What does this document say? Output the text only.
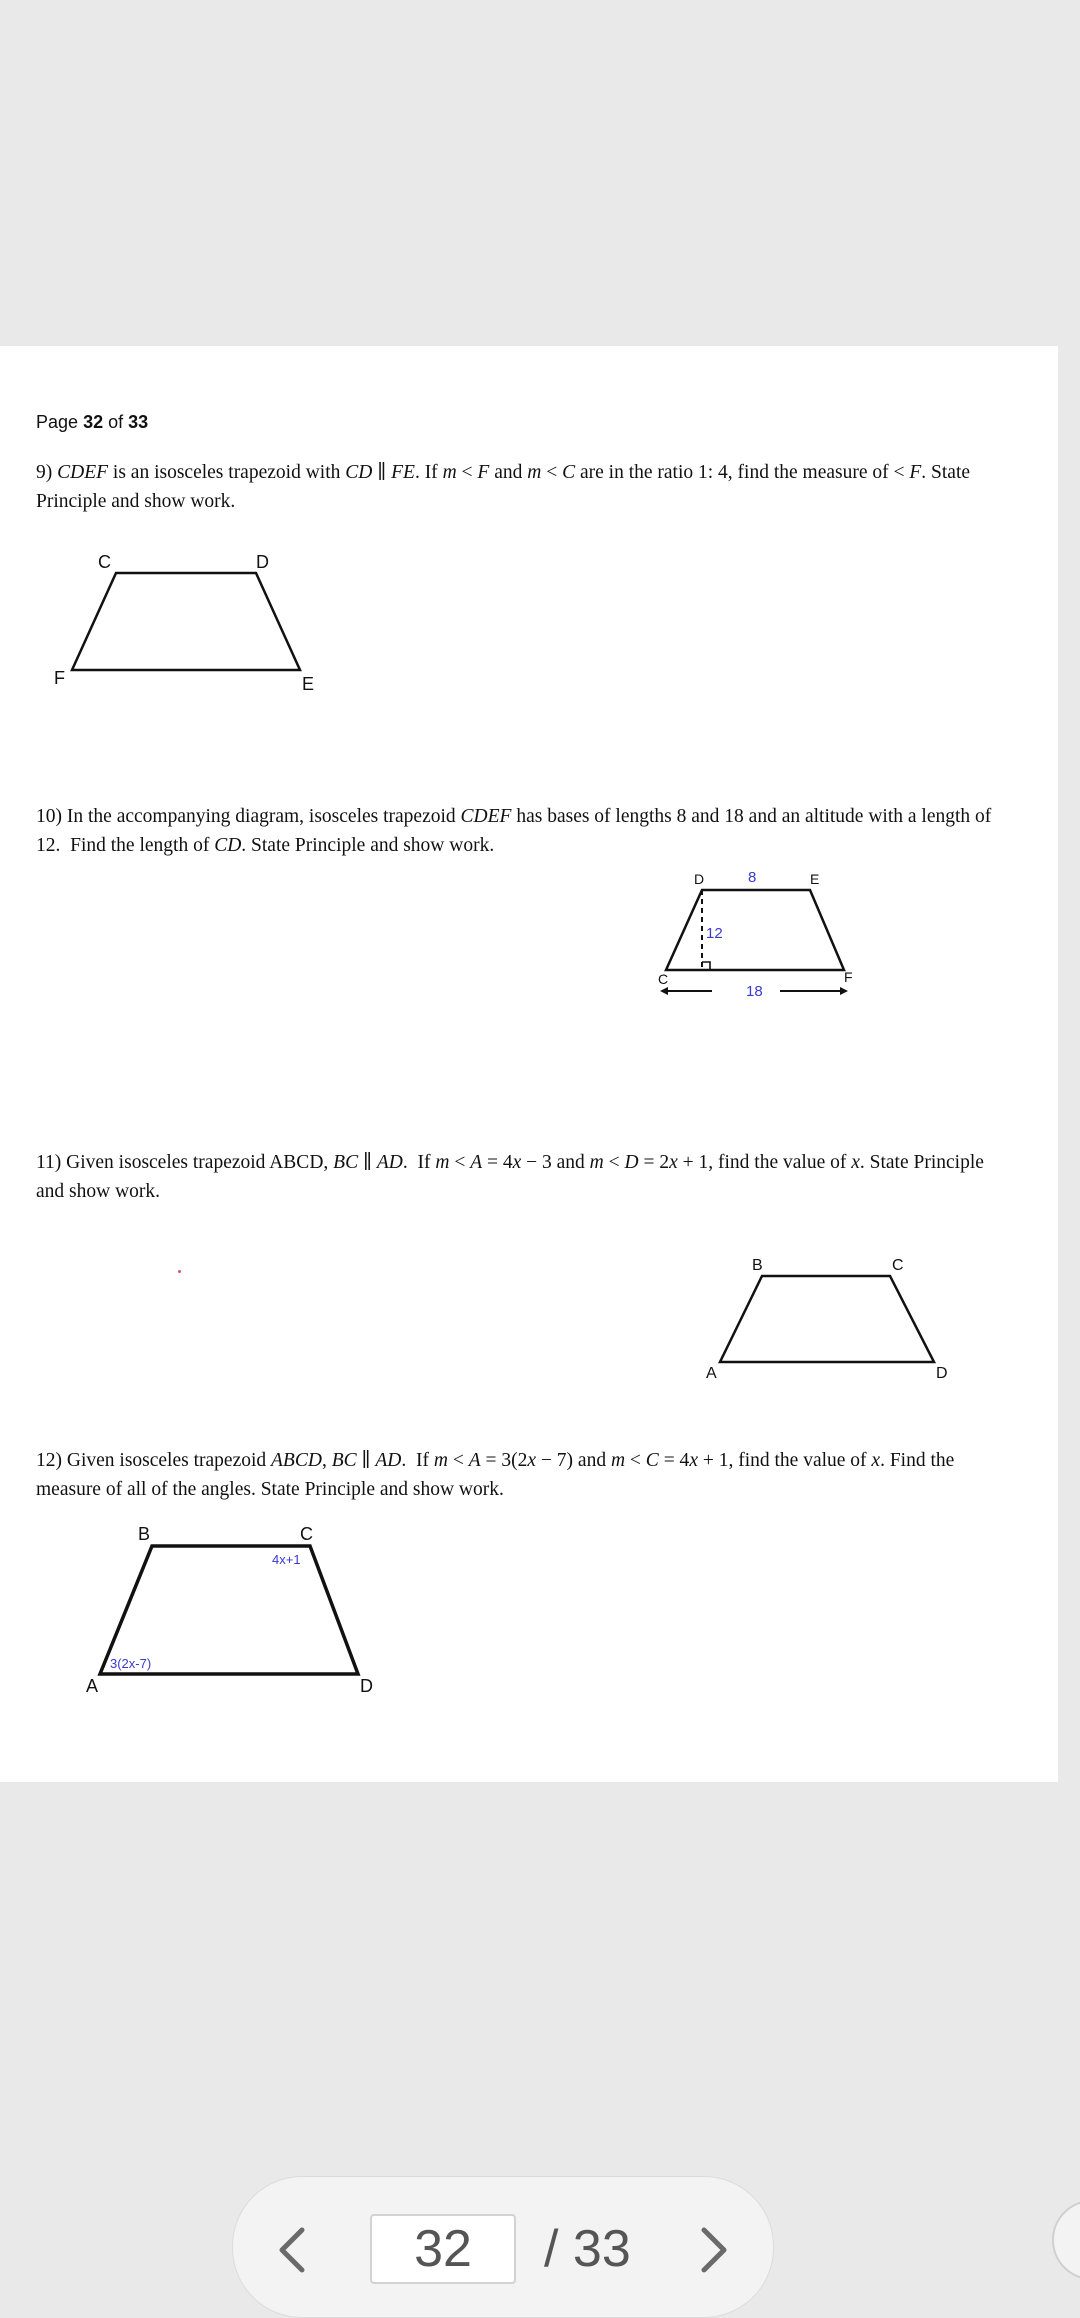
Page 32 of 33
9) CDEF is an isosceles trapezoid with CD ∥ FE. If m < F and m < C are in the ratio 1: 4, find the measure of < F. State Principle and show work.
C	D
F	E
10) In the accompanying diagram, isosceles trapezoid CDEF has bases of lengths 8 and 18 and an altitude with a length of 12.  Find the length of CD. State Principle and show work.
D	E
C	F
8
12
18
11) Given isosceles trapezoid ABCD, BC ∥ AD.  If m < A = 4x − 3 and m < D = 2x + 1, find the value of x. State Principle and show work.
B	C
A	D
12) Given isosceles trapezoid ABCD, BC ∥ AD.  If m < A = 3(2x − 7) and m < C = 4x + 1, find the value of x. Find the measure of all of the angles. State Principle and show work.
B	C
A	D
4x+1
3(2x-7)
32
/ 33
